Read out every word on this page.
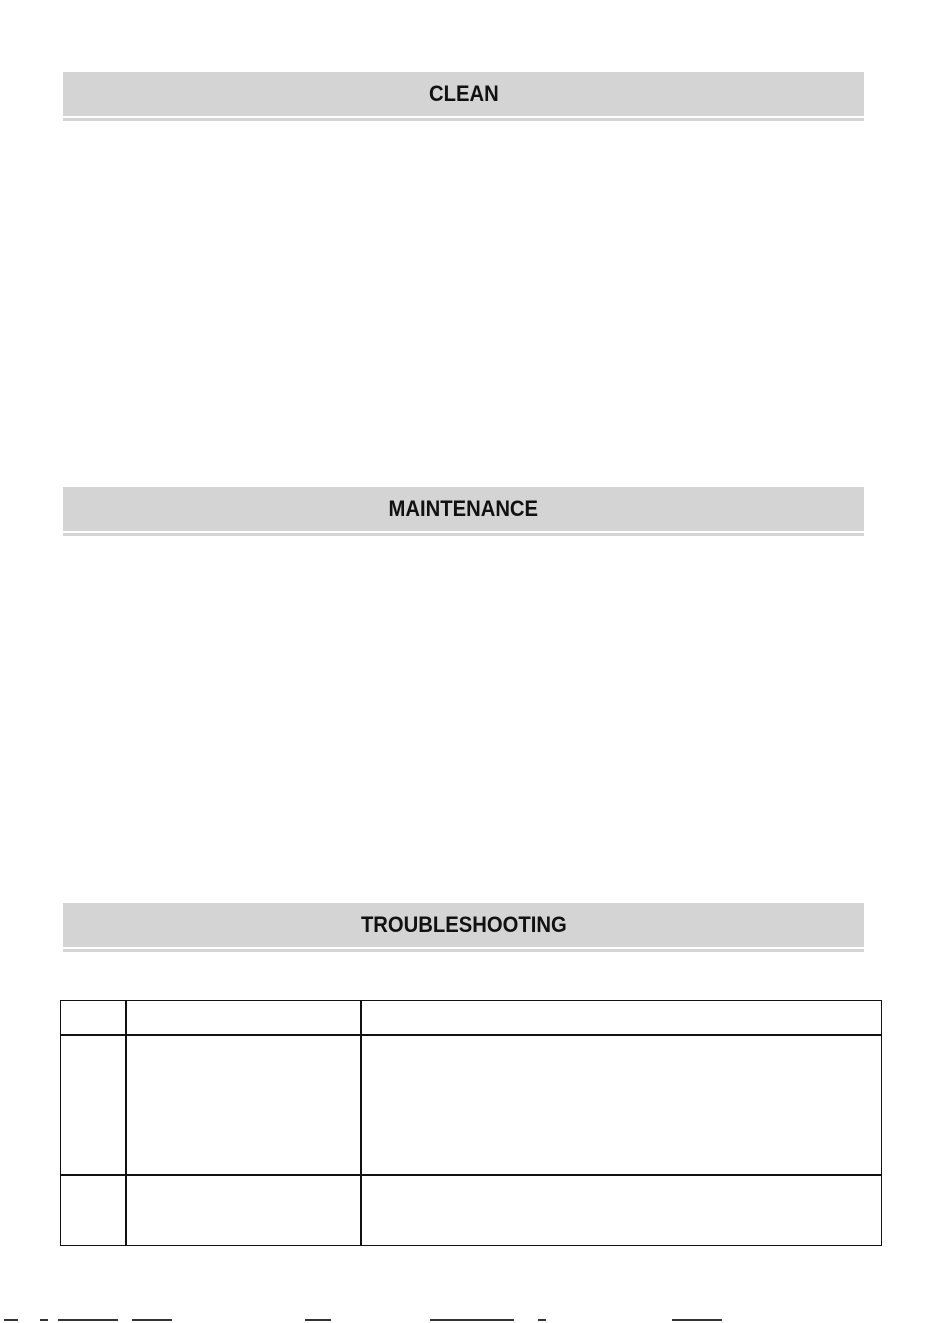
CLEAN
MAINTENANCE
TROUBLESHOOTING
